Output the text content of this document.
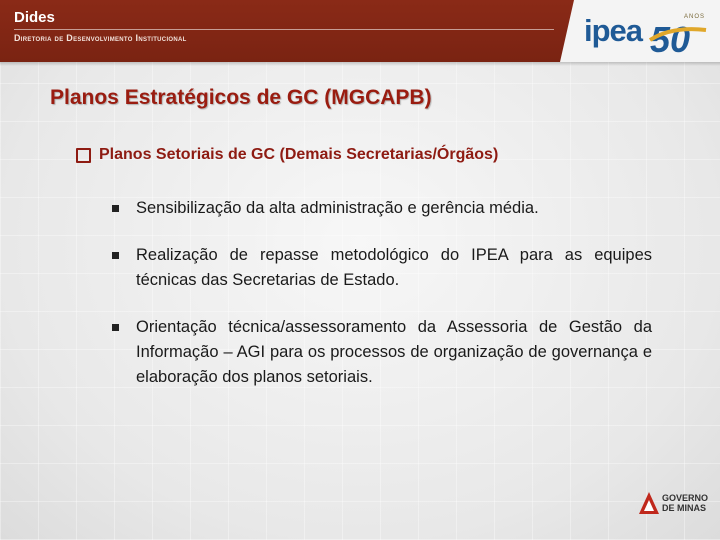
Dides
Diretoria de Desenvolvimento Institucional	ipea	ANOS
50
Planos Estratégicos de GC (MGCAPB)
Planos Setoriais de GC (Demais Secretarias/Órgãos)
Sensibilização da alta administração e gerência média.
Realização de repasse metodológico do IPEA para as equipes técnicas das Secretarias de Estado.
Orientação técnica/assessoramento da Assessoria de Gestão da Informação – AGI para os processos de organização de governança e elaboração dos planos setoriais.
GOVERNO
DE MINAS
